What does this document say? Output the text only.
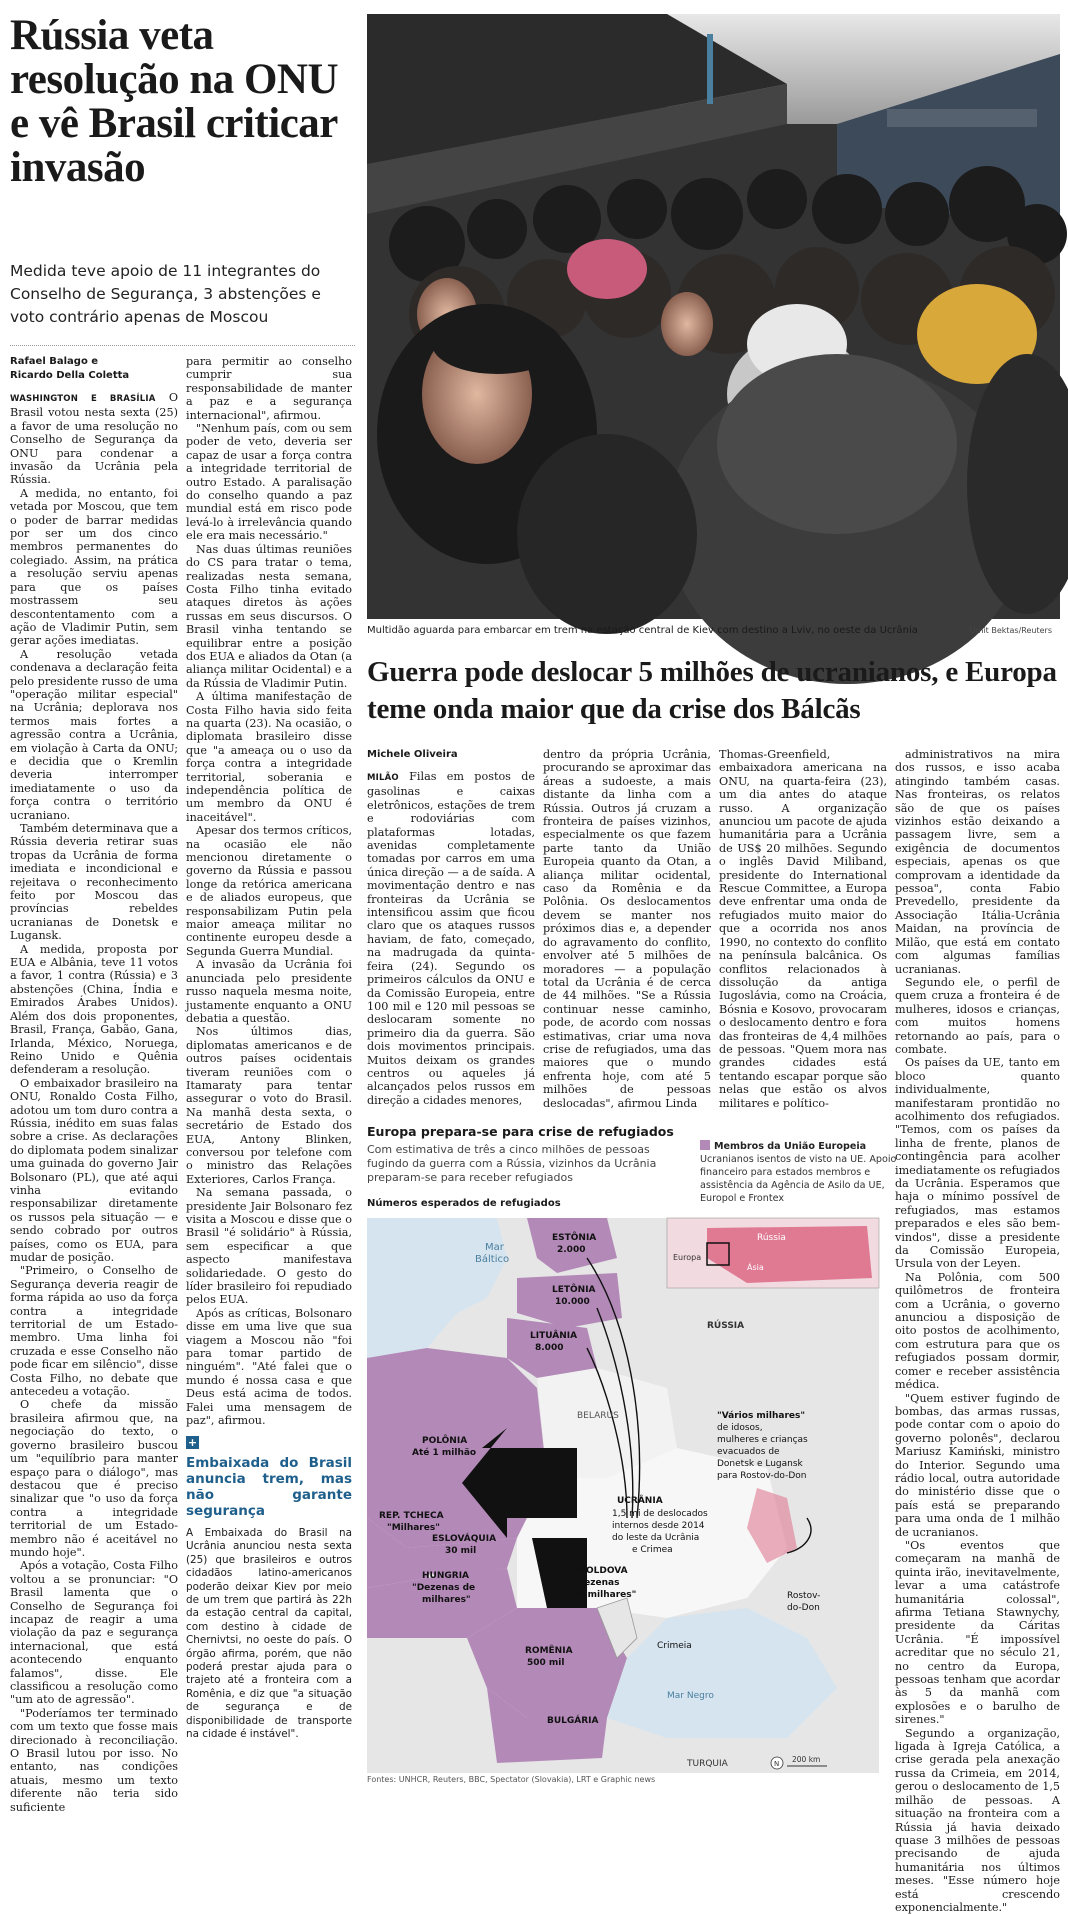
Rússia veta resolução na ONU e vê Brasil criticar invasão
Medida teve apoio de 11 integrantes do Conselho de Segurança, 3 abstenções e voto contrário apenas de Moscou
Rafael Balago e
Ricardo Della Coletta

WASHINGTON E BRASÍLIA O Brasil votou nesta sexta (25) a favor de uma resolução no Conselho de Segurança da ONU para condenar a invasão da Ucrânia pela Rússia.

A medida, no entanto, foi vetada por Moscou, que tem o poder de barrar medidas por ser um dos cinco membros permanentes do colegiado. Assim, na prática a resolução serviu apenas para que os países mostrassem seu descontentamento com a ação de Vladimir Putin, sem gerar ações imediatas.

A resolução vetada condenava a declaração feita pelo presidente russo de uma "operação militar especial" na Ucrânia; deplorava nos termos mais fortes a agressão contra a Ucrânia, em violação à Carta da ONU; e decidia que o Kremlin deveria interromper imediatamente o uso da força contra o território ucraniano.

Também determinava que a Rússia deveria retirar suas tropas da Ucrânia de forma imediata e incondicional e rejeitava o reconhecimento feito por Moscou das províncias rebeldes ucranianas de Donetsk e Lugansk.

A medida, proposta por EUA e Albânia, teve 11 votos a favor, 1 contra (Rússia) e 3 abstenções (China, Índia e Emirados Árabes Unidos). Além dos dois proponentes, Brasil, França, Gabão, Gana, Irlanda, México, Noruega, Reino Unido e Quênia defenderam a resolução.

O embaixador brasileiro na ONU, Ronaldo Costa Filho, adotou um tom duro contra a Rússia, inédito em suas falas sobre a crise. As declarações do diplomata podem sinalizar uma guinada do governo Jair Bolsonaro (PL), que até aqui vinha evitando responsabilizar diretamente os russos pela situação — e sendo cobrado por outros países, como os EUA, para mudar de posição.

"Primeiro, o Conselho de Segurança deveria reagir de forma rápida ao uso da força contra a integridade territorial de um Estado-membro. Uma linha foi cruzada e esse Conselho não pode ficar em silêncio", disse Costa Filho, no debate que antecedeu a votação.

O chefe da missão brasileira afirmou que, na negociação do texto, o governo brasileiro buscou um "equilíbrio para manter espaço para o diálogo", mas destacou que é preciso sinalizar que "o uso da força contra a integridade territorial de um Estado-membro não é aceitável no mundo hoje".

Após a votação, Costa Filho voltou a se pronunciar: "O Brasil lamenta que o Conselho de Segurança foi incapaz de reagir a uma violação da paz e segurança internacional, que está acontecendo enquanto falamos", disse. Ele classificou a resolução como "um ato de agressão".

"Poderíamos ter terminado com um texto que fosse mais direcionado à reconciliação. O Brasil lutou por isso. No entanto, nas condições atuais, mesmo um texto diferente não teria sido suficiente

para permitir ao conselho cumprir sua responsabilidade de manter a paz e a segurança internacional", afirmou.

"Nenhum país, com ou sem poder de veto, deveria ser capaz de usar a força contra a integridade territorial de outro Estado. A paralisação do conselho quando a paz mundial está em risco pode levá-lo à irrelevância quando ele era mais necessário."

Nas duas últimas reuniões do CS para tratar o tema, realizadas nesta semana, Costa Filho tinha evitado ataques diretos às ações russas em seus discursos. O Brasil vinha tentando se equilibrar entre a posição dos EUA e aliados da Otan (a aliança militar Ocidental) e a da Rússia de Vladimir Putin.

A última manifestação de Costa Filho havia sido feita na quarta (23). Na ocasião, o diplomata brasileiro disse que "a ameaça ou o uso da força contra a integridade territorial, soberania e independência política de um membro da ONU é inaceitável".

Apesar dos termos críticos, na ocasião ele não mencionou diretamente o governo da Rússia e passou longe da retórica americana e de aliados europeus, que responsabilizam Putin pela maior ameaça militar no continente europeu desde a Segunda Guerra Mundial.

A invasão da Ucrânia foi anunciada pelo presidente russo naquela mesma noite, justamente enquanto a ONU debatia a questão.

Nos últimos dias, diplomatas americanos e de outros países ocidentais tiveram reuniões com o Itamaraty para tentar assegurar o voto do Brasil. Na manhã desta sexta, o secretário de Estado dos EUA, Antony Blinken, conversou por telefone com o ministro das Relações Exteriores, Carlos França.

Na semana passada, o presidente Jair Bolsonaro fez visita a Moscou e disse que o Brasil "é solidário" à Rússia, sem especificar a que aspecto manifestava solidariedade. O gesto do líder brasileiro foi repudiado pelos EUA.

Após as críticas, Bolsonaro disse em uma live que sua viagem a Moscou não "foi para tomar partido de ninguém". "Até falei que o mundo é nossa casa e que Deus está acima de todos. Falei uma mensagem de paz", afirmou.

+
Embaixada do Brasil anuncia trem, mas não garante segurança
A Embaixada do Brasil na Ucrânia anunciou nesta sexta (25) que brasileiros e outros cidadãos latino-americanos poderão deixar Kiev por meio de um trem que partirá às 22h da estação central da capital, com destino à cidade de Chernivtsi, no oeste do país. O órgão afirma, porém, que não poderá prestar ajuda para o trajeto até a fronteira com a Romênia, e diz que "a situação de segurança e de disponibilidade de transporte na cidade é instável".
Multidão aguarda para embarcar em trem na estação central de Kiev com destino a Lviv, no oeste da Ucrânia	Umit Bektas/Reuters
Guerra pode deslocar 5 milhões de ucranianos, e Europa teme onda maior que da crise dos Bálcãs
Michele Oliveira

MILÃO Filas em postos de gasolinas e caixas eletrônicos, estações de trem e rodoviárias com plataformas lotadas, avenidas completamente tomadas por carros em uma única direção — a de saída. A movimentação dentro e nas fronteiras da Ucrânia se intensificou assim que ficou claro que os ataques russos haviam, de fato, começado, na madrugada da quinta-feira (24). Segundo os primeiros cálculos da ONU e da Comissão Europeia, entre 100 mil e 120 mil pessoas se deslocaram somente no primeiro dia da guerra. São dois movimentos principais. Muitos deixam os grandes centros ou aqueles já alcançados pelos russos em direção a cidades menores,

dentro da própria Ucrânia, procurando se aproximar das áreas a sudoeste, a mais distante da linha com a Rússia. Outros já cruzam a fronteira de países vizinhos, especialmente os que fazem parte tanto da União Europeia quanto da Otan, a aliança militar ocidental, caso da Romênia e da Polônia. Os deslocamentos devem se manter nos próximos dias e, a depender do agravamento do conflito, envolver até 5 milhões de moradores — a população total da Ucrânia é de cerca de 44 milhões. "Se a Rússia continuar nesse caminho, pode, de acordo com nossas estimativas, criar uma nova crise de refugiados, uma das maiores que o mundo enfrenta hoje, com até 5 milhões de pessoas deslocadas", afirmou Linda

Thomas-Greenfield, embaixadora americana na ONU, na quarta-feira (23), um dia antes do ataque russo. A organização anunciou um pacote de ajuda humanitária para a Ucrânia de US$ 20 milhões. Segundo o inglês David Miliband, presidente do International Rescue Committee, a Europa deve enfrentar uma onda de refugiados muito maior do que a ocorrida nos anos 1990, no contexto do conflito na península balcânica. Os conflitos relacionados à dissolução da antiga Iugoslávia, como na Croácia, Bósnia e Kosovo, provocaram o deslocamento dentro e fora das fronteiras de 4,4 milhões de pessoas. "Quem mora nas grandes cidades está tentando escapar porque são nelas que estão os alvos militares e político-

administrativos na mira dos russos, e isso acaba atingindo também casas. Nas fronteiras, os relatos são de que os países vizinhos estão deixando a passagem livre, sem a exigência de documentos especiais, apenas os que comprovam a identidade da pessoa", conta Fabio Prevedello, presidente da Associação Itália-Ucrânia Maidan, na província de Milão, que está em contato com algumas famílias ucranianas.

Segundo ele, o perfil de quem cruza a fronteira é de mulheres, idosos e crianças, com muitos homens retornando ao país, para o combate.

Os países da UE, tanto em bloco quanto individualmente, manifestaram prontidão no acolhimento dos refugiados. "Temos, com os países da linha de frente, planos de contingência para acolher imediatamente os refugiados da Ucrânia. Esperamos que haja o mínimo possível de refugiados, mas estamos preparados e eles são bem-vindos", disse a presidente da Comissão Europeia, Ursula von der Leyen.

Na Polônia, com 500 quilômetros de fronteira com a Ucrânia, o governo anunciou a disposição de oito postos de acolhimento, com estrutura para que os refugiados possam dormir, comer e receber assistência médica.

"Quem estiver fugindo de bombas, das armas russas, pode contar com o apoio do governo polonês", declarou Mariusz Kamiński, ministro do Interior. Segundo uma rádio local, outra autoridade do ministério disse que o país está se preparando para uma onda de 1 milhão de ucranianos.

"Os eventos que começaram na manhã de quinta irão, inevitavelmente, levar a uma catástrofe humanitária colossal", afirma Tetiana Stawnychy, presidente da Cáritas Ucrânia. "É impossível acreditar que no século 21, no centro da Europa, pessoas tenham que acordar às 5 da manhã com explosões e o barulho de sirenes."

Segundo a organização, ligada à Igreja Católica, a crise gerada pela anexação russa da Crimeia, em 2014, gerou o deslocamento de 1,5 milhão de pessoas. A situação na fronteira com a Rússia já havia deixado quase 3 milhões de pessoas precisando de ajuda humanitária nos últimos meses. "Esse número hoje está crescendo exponencialmente."

Europa prepara-se para crise de refugiados
Com estimativa de três a cinco milhões de pessoas fugindo da guerra com a Rússia, vizinhos da Ucrânia preparam-se para receber refugiados
Membros da União Europeia
Ucranianos isentos de visto na UE. Apoio financeiro para estados membros e assistência da Agência de Asilo da UE, Europol e Frontex
Números esperados de refugiados
Mar
Báltico
Rússia
Europa
Ásia
ESTÔNIA
2.000
LETÔNIA
10.000
LITUÂNIA
8.000
RÚSSIA
BELARUS
POLÔNIA
Até 1 milhão
REP. TCHECA
"Milhares"
ESLOVÁQUIA
30 mil
HUNGRIA
"Dezenas de
milhares"
MOLDOVA
"Dezenas
de milhares"
ROMÊNIA
500 mil
BULGÁRIA
TURQUIA
UCRÂNIA
1,5 mi de deslocados
internos desde 2014
do leste da Ucrânia
e Crimea
Crimeia
Mar Negro
Rostov-
do-Don
"Vários milhares"
de idosos,
mulheres e crianças
evacuados de
Donetsk e Lugansk
para Rostov-do-Don
N 200 km
Fontes: UNHCR, Reuters, BBC, Spectator (Slovakia), LRT e Graphic news
